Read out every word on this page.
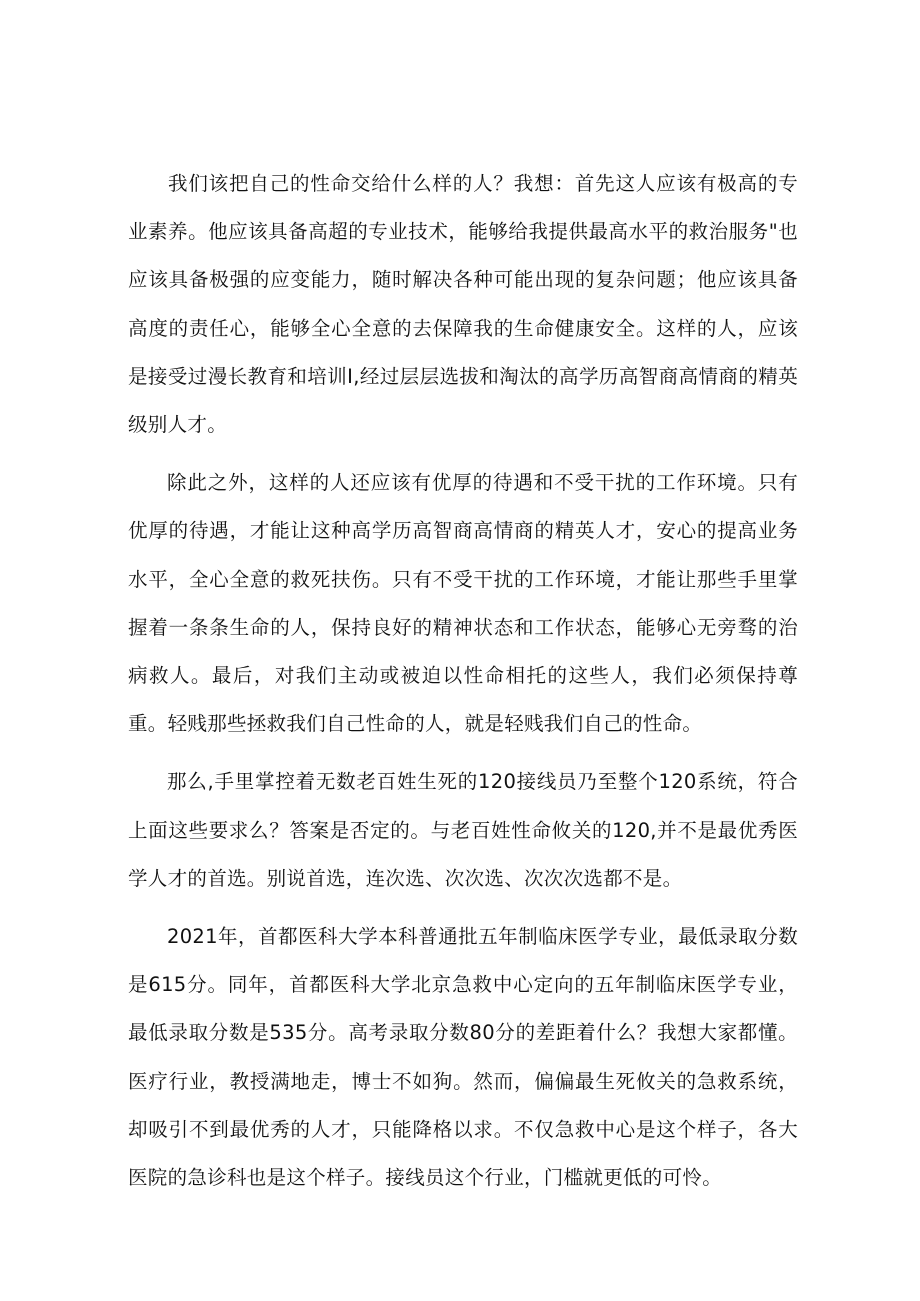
我们该把自己的性命交给什么样的人？我想：首先这人应该有极高的专业素养。他应该具备高超的专业技术，能够给我提供最高水平的救治服务"也应该具备极强的应变能力，随时解决各种可能出现的复杂问题；他应该具备高度的责任心，能够全心全意的去保障我的生命健康安全。这样的人，应该是接受过漫长教育和培训I,经过层层选拔和淘汰的高学历高智商高情商的精英级别人才。

除此之外，这样的人还应该有优厚的待遇和不受干扰的工作环境。只有优厚的待遇，才能让这种高学历高智商高情商的精英人才，安心的提高业务水平，全心全意的救死扶伤。只有不受干扰的工作环境，才能让那些手里掌握着一条条生命的人，保持良好的精神状态和工作状态，能够心无旁骛的治病救人。最后，对我们主动或被迫以性命相托的这些人，我们必须保持尊重。轻贱那些拯救我们自己性命的人，就是轻贱我们自己的性命。

那么,手里掌控着无数老百姓生死的120接线员乃至整个120系统，符合上面这些要求么？答案是否定的。与老百姓性命攸关的120,并不是最优秀医学人才的首选。别说首选，连次选、次次选、次次次选都不是。

2021年，首都医科大学本科普通批五年制临床医学专业，最低录取分数是615分。同年，首都医科大学北京急救中心定向的五年制临床医学专业，最低录取分数是535分。高考录取分数80分的差距着什么？我想大家都懂。医疗行业，教授满地走，博士不如狗。然而，偏偏最生死攸关的急救系统，却吸引不到最优秀的人才，只能降格以求。不仅急救中心是这个样子，各大医院的急诊科也是这个样子。接线员这个行业，门槛就更低的可怜。
